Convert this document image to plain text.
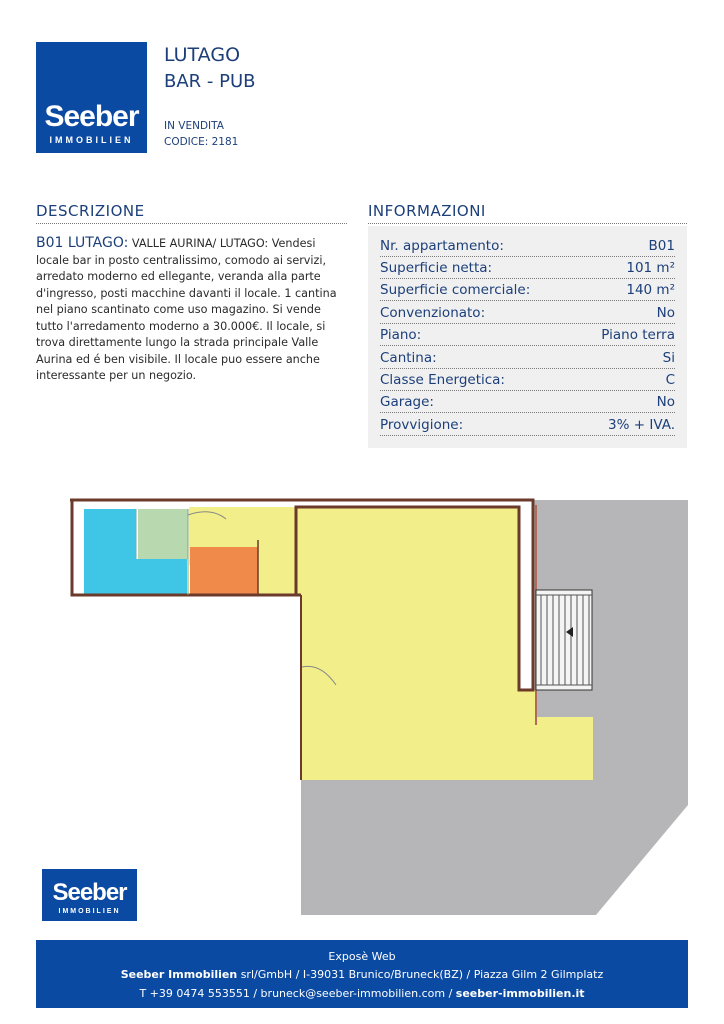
Seeber
IMMOBILIEN
LUTAGO
BAR - PUB
IN VENDITA
CODICE: 2181
DESCRIZIONE
B01 LUTAGO: VALLE AURINA/ LUTAGO: Vendesi locale bar in posto centralissimo, comodo ai servizi, arredato moderno ed ellegante, veranda alla parte d'ingresso, posti macchine davanti il locale. 1 cantina nel piano scantinato come uso magazino. Si vende tutto l'arredamento moderno a 30.000€. Il locale, si trova direttamente lungo la strada principale Valle Aurina ed é ben visibile. Il locale puo essere anche interessante per un negozio.
INFORMAZIONI
Nr. appartamento:	B01
Superficie netta:	101 m²
Superficie comerciale:	140 m²
Convenzionato:	No
Piano:	Piano terra
Cantina:	Si
Classe Energetica:	C
Garage:	No
Provvigione:	3% + IVA.
Seeber
IMMOBILIEN
Exposè Web
Seeber Immobilien srl/GmbH / I-39031 Brunico/Bruneck(BZ) / Piazza Gilm 2 Gilmplatz
T +39 0474 553551 / bruneck@seeber-immobilien.com / seeber-immobilien.it
